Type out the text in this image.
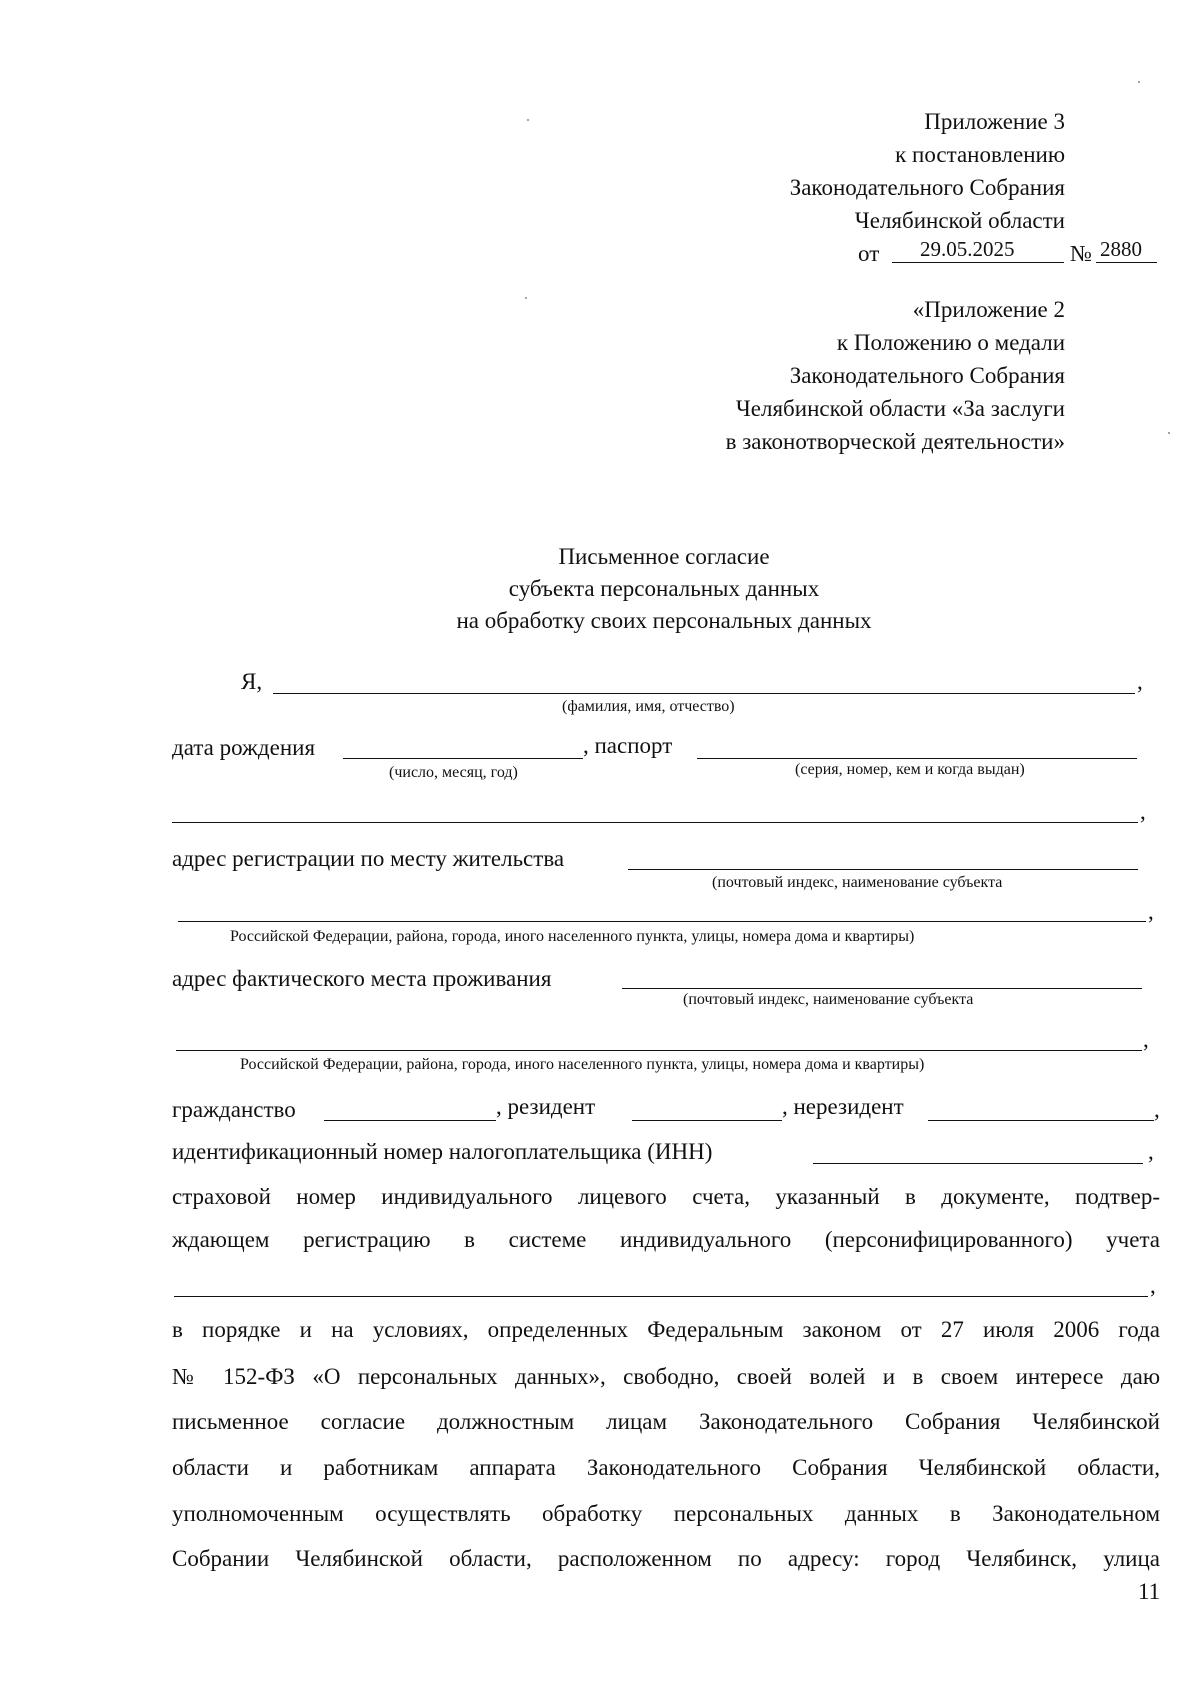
Приложение 3
к постановлению
Законодательного Собрания
Челябинской области
от 29.05.2025 № 2880
«Приложение 2
к Положению о медали
Законодательного Собрания
Челябинской области «За заслуги
в законотворческой деятельности»
Письменное согласие
субъекта персональных данных
на обработку своих персональных данных
Я,	,
(фамилия, имя, отчество)
дата рождения	, паспорт
(число, месяц, год)	(серия, номер, кем и когда выдан)
,
адрес регистрации по месту жительства
(почтовый индекс, наименование субъекта
,
Российской Федерации, района, города, иного населенного пункта, улицы, номера дома и квартиры)
адрес фактического места проживания
(почтовый индекс, наименование субъекта
,
Российской Федерации, района, города, иного населенного пункта, улицы, номера дома и квартиры)
гражданство	, резидент	, нерезидент	,
идентификационный номер налогоплательщика (ИНН)	,
страховой номер индивидуального лицевого счета, указанный в документе, подтвер-
ждающем регистрацию в системе индивидуального (персонифицированного) учета
,
в порядке и на условиях, определенных Федеральным законом от 27 июля 2006 года
№ 152-ФЗ «О персональных данных», свободно, своей волей и в своем интересе даю
письменное согласие должностным лицам Законодательного Собрания Челябинской
области и работникам аппарата Законодательного Собрания Челябинской области,
уполномоченным осуществлять обработку персональных данных в Законодательном
Собрании Челябинской области, расположенном по адресу: город Челябинск, улица
11
